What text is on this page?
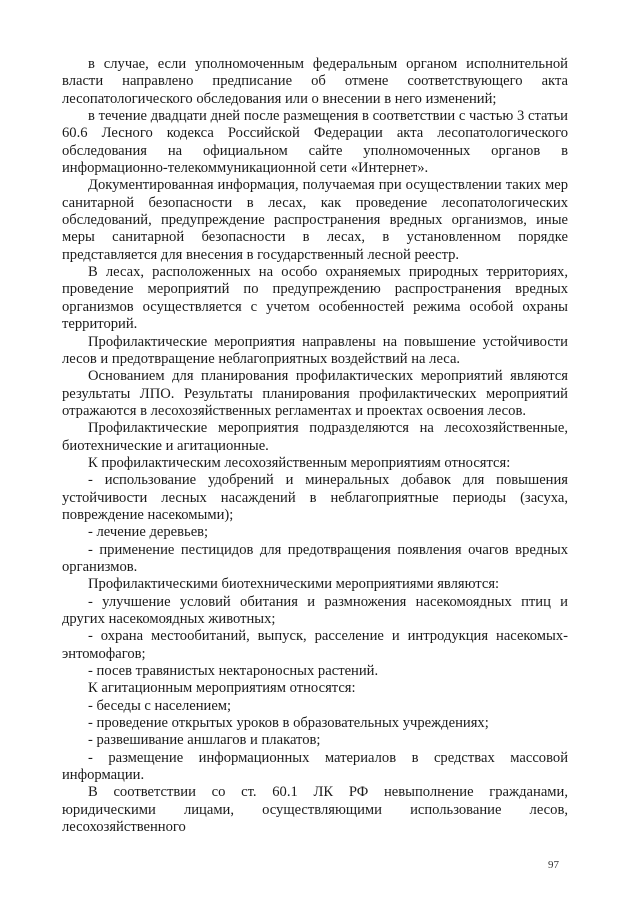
в случае, если уполномоченным федеральным органом исполнительной власти направлено предписание об отмене соответствующего акта лесопатологического обследования или о внесении в него изменений;

в течение двадцати дней после размещения в соответствии с частью 3 статьи 60.6 Лесного кодекса Российской Федерации акта лесопатологического обследования на официальном сайте уполномоченных органов в информационно-телекоммуникационной сети «Интернет».

Документированная информация, получаемая при осуществлении таких мер санитарной безопасности в лесах, как проведение лесопатологических обследований, предупреждение распространения вредных организмов, иные меры санитарной безопасности в лесах, в установленном порядке представляется для внесения в государственный лесной реестр.

В лесах, расположенных на особо охраняемых природных территориях, проведение мероприятий по предупреждению распространения вредных организмов осуществляется с учетом особенностей режима особой охраны территорий.

Профилактические мероприятия направлены на повышение устойчивости лесов и предотвращение неблагоприятных воздействий на леса.

Основанием для планирования профилактических мероприятий являются результаты ЛПО. Результаты планирования профилактических мероприятий отражаются в лесохозяйственных регламентах и проектах освоения лесов.

Профилактические мероприятия подразделяются на лесохозяйственные, биотехнические и агитационные.

К профилактическим лесохозяйственным мероприятиям относятся:

- использование удобрений и минеральных добавок для повышения устойчивости лесных насаждений в неблагоприятные периоды (засуха, повреждение насекомыми);

- лечение деревьев;

- применение пестицидов для предотвращения появления очагов вредных организмов.

Профилактическими биотехническими мероприятиями являются:

- улучшение условий обитания и размножения насекомоядных птиц и других насекомоядных животных;

- охрана местообитаний, выпуск, расселение и интродукция насекомых-энтомофагов;

- посев травянистых нектароносных растений.

К агитационным мероприятиям относятся:

- беседы с населением;

- проведение открытых уроков в образовательных учреждениях;

- развешивание аншлагов и плакатов;

- размещение информационных материалов в средствах массовой информации.

В соответствии со ст. 60.1 ЛК РФ невыполнение гражданами, юридическими лицами, осуществляющими использование лесов, лесохозяйственного

97
